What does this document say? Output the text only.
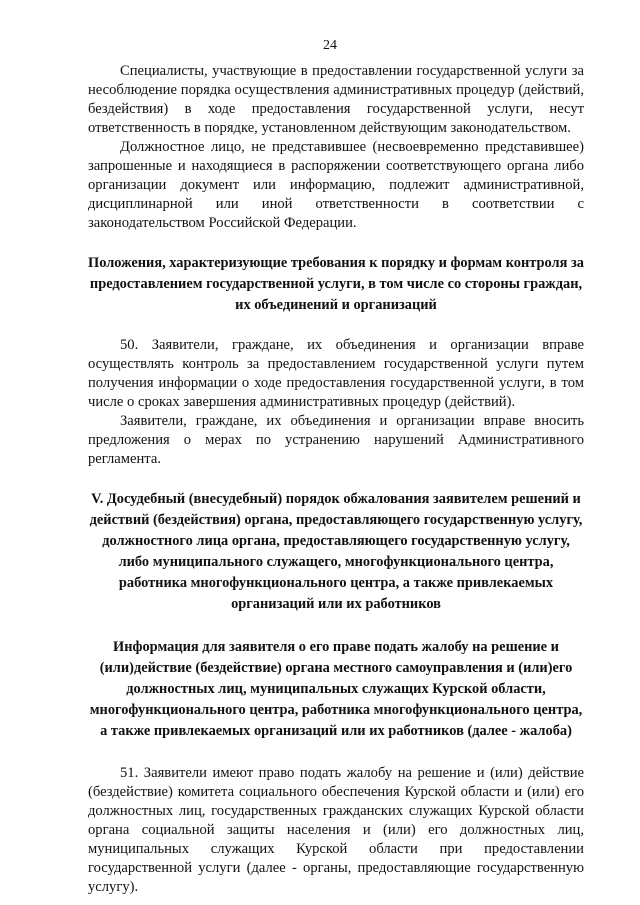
24

Специалисты, участвующие в предоставлении государственной услуги за несоблюдение порядка осуществления административных процедур (действий, бездействия) в ходе предоставления государственной услуги, несут ответственность в порядке, установленном действующим законодательством.

Должностное лицо, не представившее (несвоевременно представившее) запрошенные и находящиеся в распоряжении соответствующего органа либо организации документ или информацию, подлежит административной, дисциплинарной или иной ответственности в соответствии с законодательством Российской Федерации.

Положения, характеризующие требования к порядку и формам контроля за предоставлением государственной услуги, в том числе со стороны граждан, их объединений и организаций

50. Заявители, граждане, их объединения и организации вправе осуществлять контроль за предоставлением государственной услуги путем получения информации о ходе предоставления государственной услуги, в том числе о сроках завершения административных процедур (действий).

Заявители, граждане, их объединения и организации вправе вносить предложения о мерах по устранению нарушений Административного регламента.

V. Досудебный (внесудебный) порядок обжалования заявителем решений и действий (бездействия) органа, предоставляющего государственную услугу, должностного лица органа, предоставляющего государственную услугу, либо муниципального служащего, многофункционального центра, работника многофункционального центра, а также привлекаемых организаций или их работников

Информация для заявителя о его праве подать жалобу на решение и (или)действие (бездействие) органа местного самоуправления и (или)его должностных лиц, муниципальных служащих Курской области, многофункционального центра, работника многофункционального центра, а также привлекаемых организаций или их работников (далее - жалоба)

51. Заявители имеют право подать жалобу на решение и (или) действие (бездействие) комитета социального обеспечения Курской области и (или) его должностных лиц, государственных гражданских служащих Курской области органа социальной защиты населения и (или) его должностных лиц, муниципальных служащих Курской области при предоставлении государственной услуги (далее - органы, предоставляющие государственную услугу).
